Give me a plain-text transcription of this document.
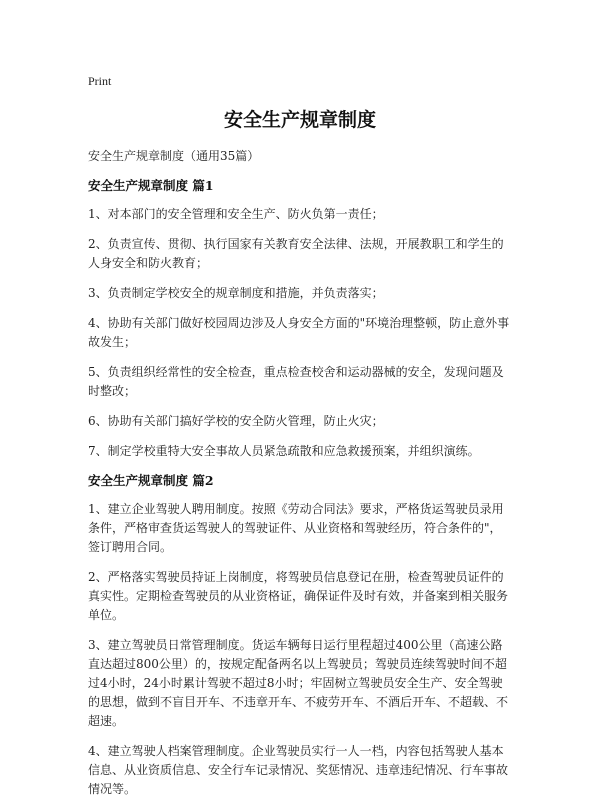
Print
安全生产规章制度
安全生产规章制度（通用35篇）
安全生产规章制度 篇1
1、对本部门的安全管理和安全生产、防火负第一责任；
2、负责宣传、贯彻、执行国家有关教育安全法律、法规，开展教职工和学生的人身安全和防火教育；
3、负责制定学校安全的规章制度和措施，并负责落实；
4、协助有关部门做好校园周边涉及人身安全方面的"环境治理整顿，防止意外事故发生；
5、负责组织经常性的安全检查，重点检查校舍和运动器械的安全，发现问题及时整改；
6、协助有关部门搞好学校的安全防火管理，防止火灾；
7、制定学校重特大安全事故人员紧急疏散和应急救援预案，并组织演练。
安全生产规章制度 篇2
1、建立企业驾驶人聘用制度。按照《劳动合同法》要求，严格货运驾驶员录用条件，严格审查货运驾驶人的驾驶证件、从业资格和驾驶经历，符合条件的"，签订聘用合同。
2、严格落实驾驶员持证上岗制度，将驾驶员信息登记在册，检查驾驶员证件的真实性。定期检查驾驶员的从业资格证，确保证件及时有效，并备案到相关服务单位。
3、建立驾驶员日常管理制度。货运车辆每日运行里程超过400公里（高速公路直达超过800公里）的，按规定配备两名以上驾驶员；驾驶员连续驾驶时间不超过4小时，24小时累计驾驶不超过8小时；牢固树立驾驶员安全生产、安全驾驶的思想，做到不盲目开车、不违章开车、不疲劳开车、不酒后开车、不超载、不超速。
4、建立驾驶人档案管理制度。企业驾驶员实行一人一档，内容包括驾驶人基本信息、从业资质信息、安全行车记录情况、奖惩情况、违章违纪情况、行车事故情况等。
